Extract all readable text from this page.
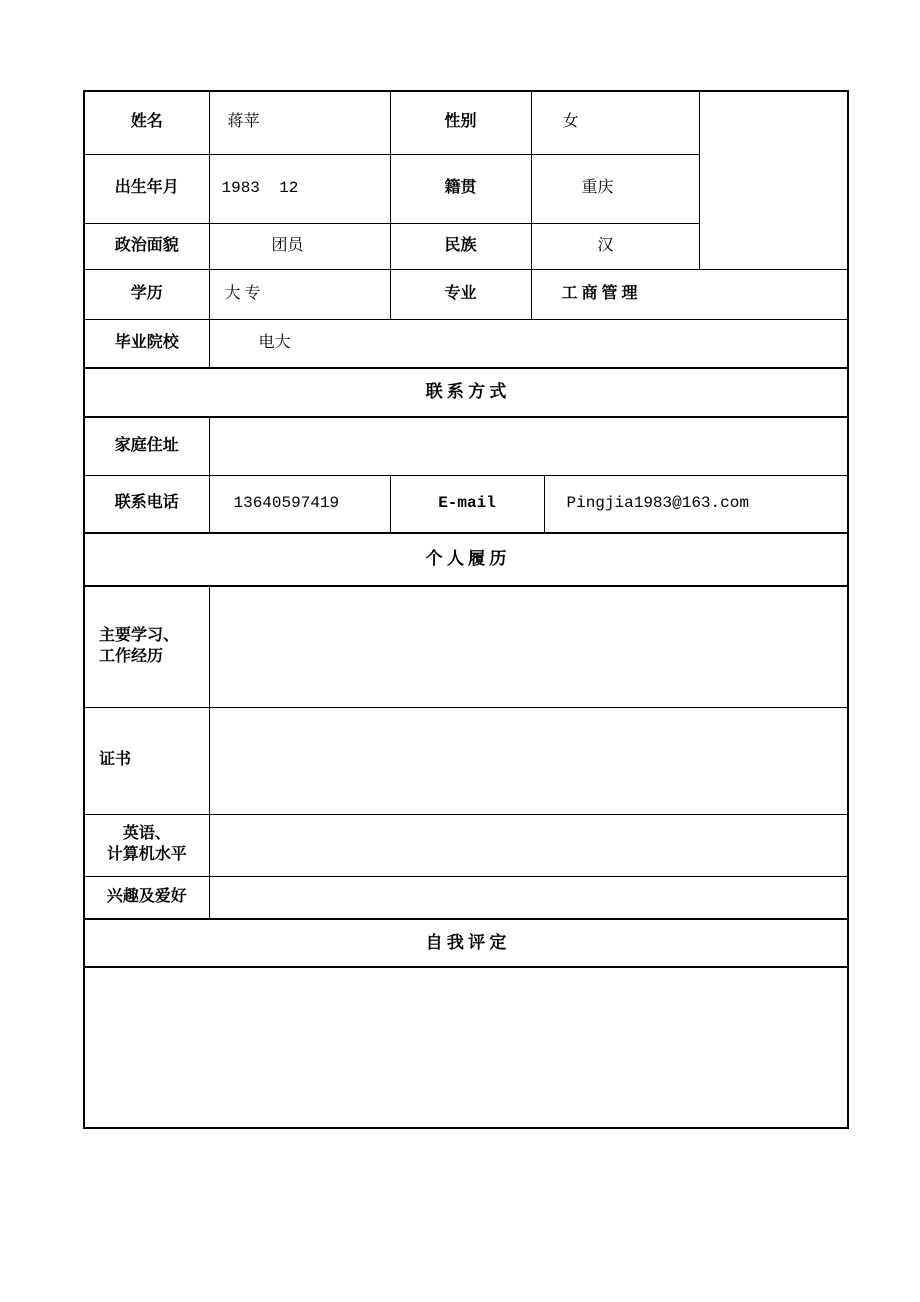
姓名	蒋苹	性别	女		
出生年月	1983  12	籍贯	重庆		
政治面貌	团员	民族	汉		
学历	大 专	专业	工 商 管 理		
毕业院校	电大				
联 系 方 式					
家庭住址					
联系电话	13640597419	E-mail		Pingjia1983@163.com	
个 人 履 历					

主要学习、
工作经历					

证书					

英语、
计算机水平					

兴趣及爱好					
自 我 评 定					
